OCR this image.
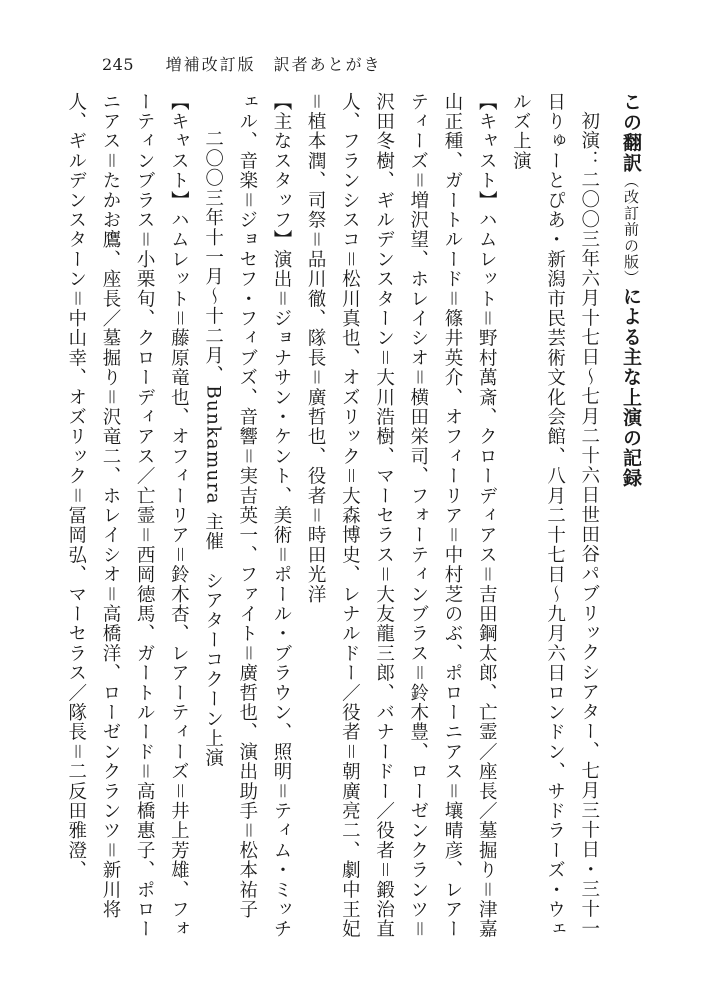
245 増補改訂版　訳者あとがき

この翻訳（改訂前の版）による主な上演の記録

初演：二〇〇三年六月十七日〜七月二十六日世田谷パブリックシアター、七月三十日・三十一日りゅーとぴあ・新潟市民芸術文化会館、八月二十七日〜九月六日ロンドン、サドラーズ・ウェルズ上演

【キャスト】ハムレット＝野村萬斎、クローディアス＝吉田鋼太郎、亡霊／座長／墓掘り＝津嘉山正種、ガートルード＝篠井英介、オフィーリア＝中村芝のぶ、ポローニアス＝壤晴彦、レアーティーズ＝増沢望、ホレイシオ＝横田栄司、フォーティンブラス＝鈴木豊、ローゼンクランツ＝沢田冬樹、ギルデンスターン＝大川浩樹、マーセラス＝大友龍三郎、バナードー／役者＝鍛治直人、フランシスコ＝松川真也、オズリック＝大森博史、レナルドー／役者＝朝廣亮二、劇中王妃＝植本潤、司祭＝品川徹、隊長＝廣哲也、役者＝時田光洋

【主なスタッフ】演出＝ジョナサン・ケント、美術＝ポール・ブラウン、照明＝ティム・ミッチェル、音楽＝ジョセフ・フィブズ、音響＝実吉英一、ファイト＝廣哲也、演出助手＝松本祐子

二〇〇三年十一月〜十二月、Bunkamura 主催　シアターコクーン上演

【キャスト】ハムレット＝藤原竜也、オフィーリア＝鈴木杏、レアーティーズ＝井上芳雄、フォーティンブラス＝小栗旬、クローディアス／亡霊＝西岡徳馬、ガートルード＝高橋惠子、ポローニアス＝たかお鷹、座長／墓掘り＝沢竜二、ホレイシオ＝高橋洋、ローゼンクランツ＝新川将人、ギルデンスターン＝中山幸、オズリック＝冨岡弘、マーセラス／隊長＝二反田雅澄、
